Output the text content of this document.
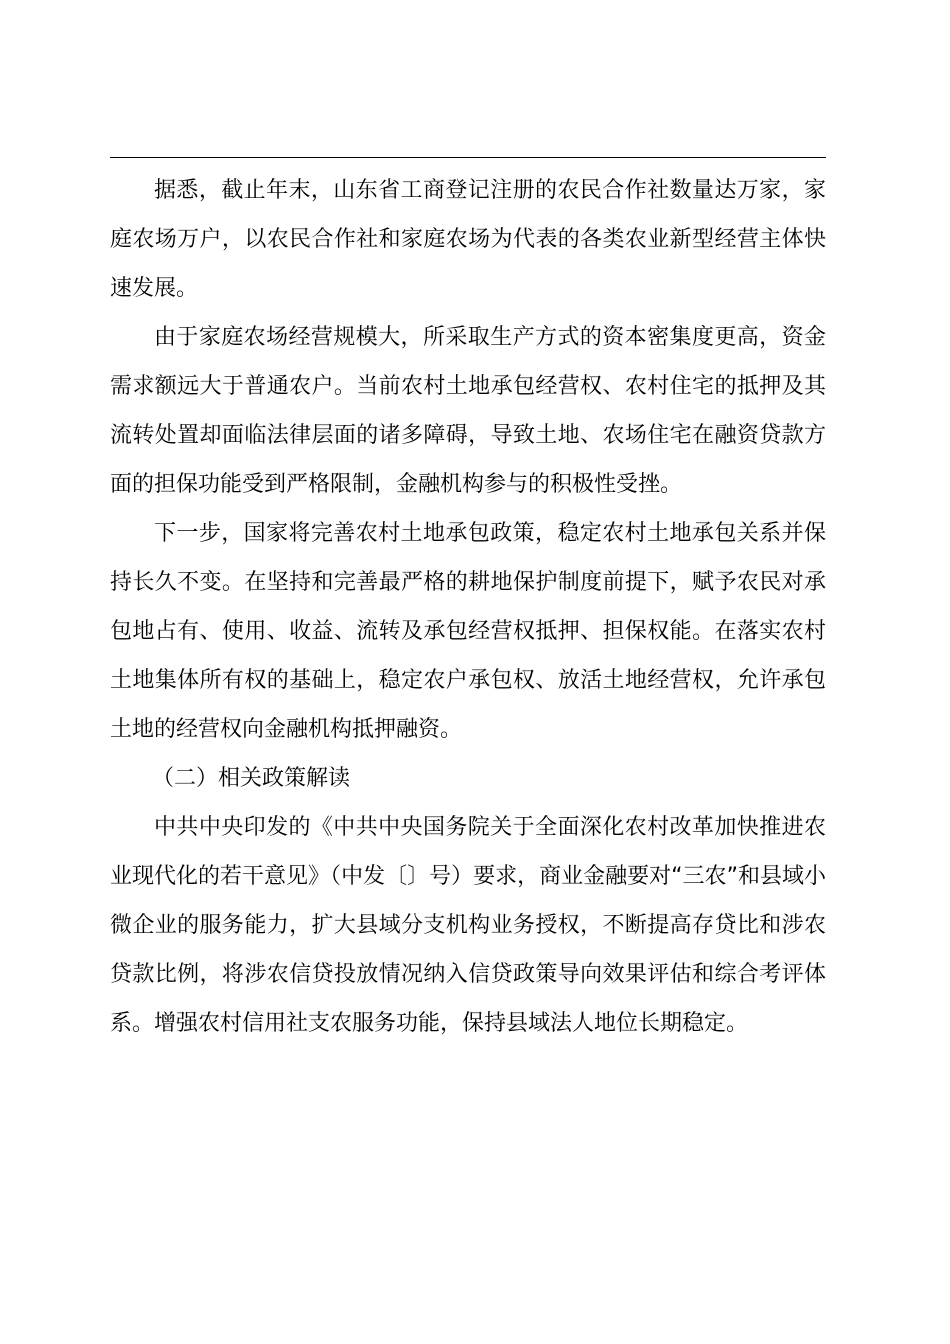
据悉，截止年末，山东省工商登记注册的农民合作社数量达万家，家庭农场万户，以农民合作社和家庭农场为代表的各类农业新型经营主体快速发展。

由于家庭农场经营规模大，所采取生产方式的资本密集度更高，资金需求额远大于普通农户。当前农村土地承包经营权、农村住宅的抵押及其流转处置却面临法律层面的诸多障碍，导致土地、农场住宅在融资贷款方面的担保功能受到严格限制，金融机构参与的积极性受挫。

下一步，国家将完善农村土地承包政策，稳定农村土地承包关系并保持长久不变。在坚持和完善最严格的耕地保护制度前提下，赋予农民对承包地占有、使用、收益、流转及承包经营权抵押、担保权能。在落实农村土地集体所有权的基础上，稳定农户承包权、放活土地经营权，允许承包土地的经营权向金融机构抵押融资。

（二）相关政策解读

中共中央印发的《中共中央国务院关于全面深化农村改革加快推进农业现代化的若干意见》（中发〔〕号）要求，商业金融要对“三农”和县域小微企业的服务能力，扩大县域分支机构业务授权，不断提高存贷比和涉农贷款比例，将涉农信贷投放情况纳入信贷政策导向效果评估和综合考评体系。增强农村信用社支农服务功能，保持县域法人地位长期稳定。
